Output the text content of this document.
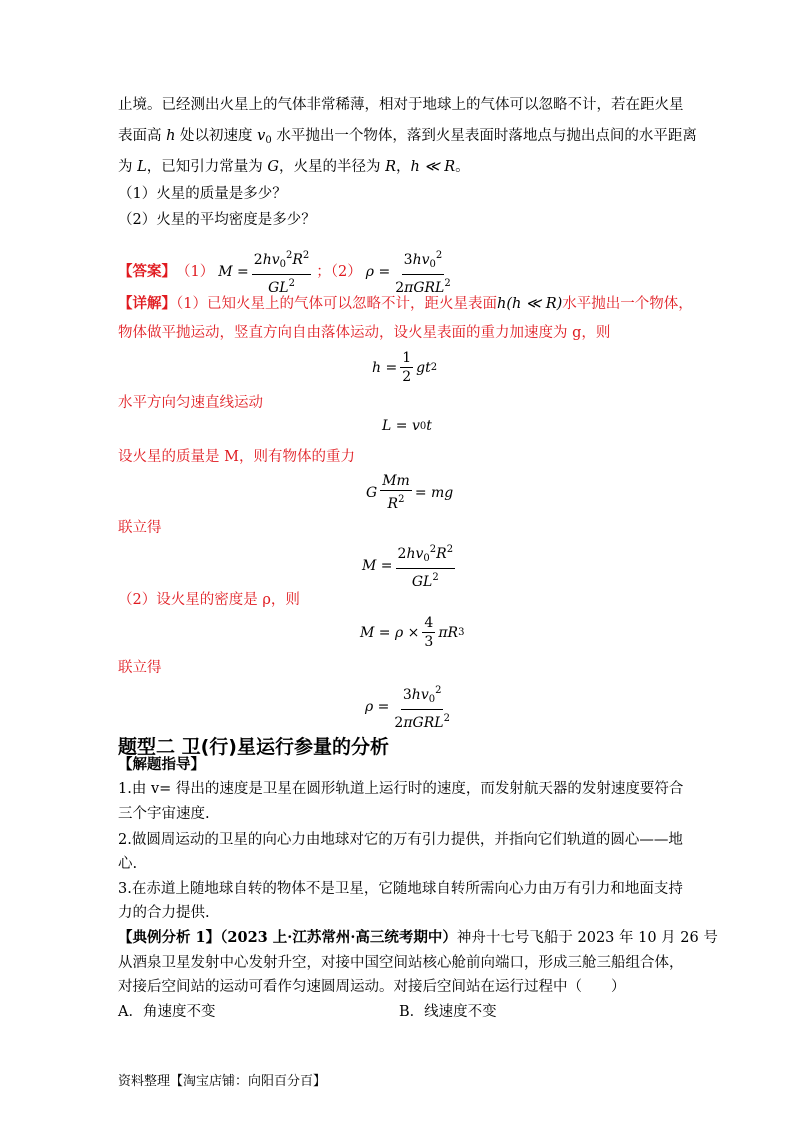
止境。已经测出火星上的气体非常稀薄，相对于地球上的气体可以忽略不计，若在距火星
表面高 h 处以初速度 $v_0$ 水平抛出一个物体，落到火星表面时落地点与抛出点间的水平距离
为 L，已知引力常量为 G，火星的半径为 R，h ≪ R。
（1）火星的质量是多少？
（2）火星的平均密度是多少？
【答案】 （1） $M = \frac{2hv_0^2R^2}{GL^2}$ ；（2） $\rho = \frac{3hv_0^2}{2\pi GRL^2}$
【详解】（1）已知火星上的气体可以忽略不计，距火星表面h(h ≪ R)水平抛出一个物体，
物体做平抛运动，竖直方向自由落体运动，设火星表面的重力加速度为 g，则
$h = \frac{1}{2}$ gt 2
水平方向匀速直线运动
L = v 0 t
设火星的质量是 M，则有物体的重力
G $\frac{Mm}{R^2}$ = mg
联立得
$M = \frac{2hv_0^2R^2}{GL^2}$
（2）设火星的密度是 ρ，则
$M = \rho \times \frac{4}{3}$ πR 3
联立得
$\rho = \frac{3hv_0^2}{2\pi GRL^2}$
题型二 卫(行)星运行参量的分析
【解题指导】
1.由 v= 得出的速度是卫星在圆形轨道上运行时的速度，而发射航天器的发射速度要符合
三个宇宙速度.
2.做圆周运动的卫星的向心力由地球对它的万有引力提供，并指向它们轨道的圆心——地
心.
3.在赤道上随地球自转的物体不是卫星，它随地球自转所需向心力由万有引力和地面支持
力的合力提供.
【典例分析 1】（2023 上·江苏常州·高三统考期中）神舟十七号飞船于 2023 年 10 月 26 号
从酒泉卫星发射中心发射升空，对接中国空间站核心舱前向端口，形成三舱三船组合体，
对接后空间站的运动可看作匀速圆周运动。对接后空间站在运行过程中（　　）
A．角速度不变	B．线速度不变
资料整理【淘宝店铺：向阳百分百】
